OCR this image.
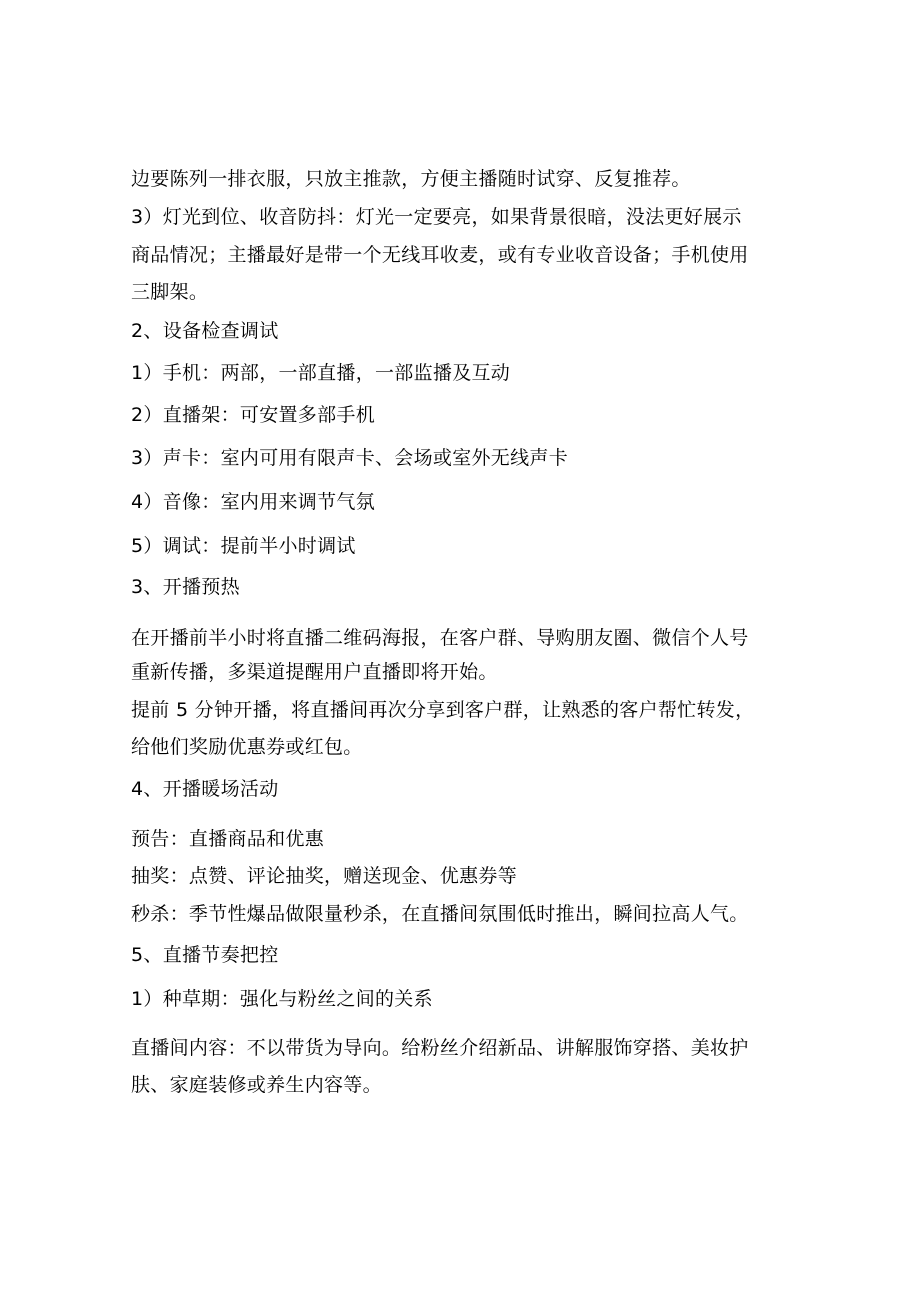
边要陈列一排衣服，只放主推款，方便主播随时试穿、反复推荐。
3）灯光到位、收音防抖：灯光一定要亮，如果背景很暗，没法更好展示
商品情况；主播最好是带一个无线耳收麦，或有专业收音设备；手机使用
三脚架。
2、设备检查调试
1）手机：两部，一部直播，一部监播及互动
2）直播架：可安置多部手机
3）声卡：室内可用有限声卡、会场或室外无线声卡
4）音像：室内用来调节气氛
5）调试：提前半小时调试
3、开播预热
在开播前半小时将直播二维码海报，在客户群、导购朋友圈、微信个人号
重新传播，多渠道提醒用户直播即将开始。
提前 5 分钟开播，将直播间再次分享到客户群，让熟悉的客户帮忙转发，
给他们奖励优惠券或红包。
4、开播暖场活动
预告：直播商品和优惠
抽奖：点赞、评论抽奖，赠送现金、优惠券等
秒杀：季节性爆品做限量秒杀，在直播间氛围低时推出，瞬间拉高人气。
5、直播节奏把控
1）种草期：强化与粉丝之间的关系
直播间内容：不以带货为导向。给粉丝介绍新品、讲解服饰穿搭、美妆护
肤、家庭装修或养生内容等。
